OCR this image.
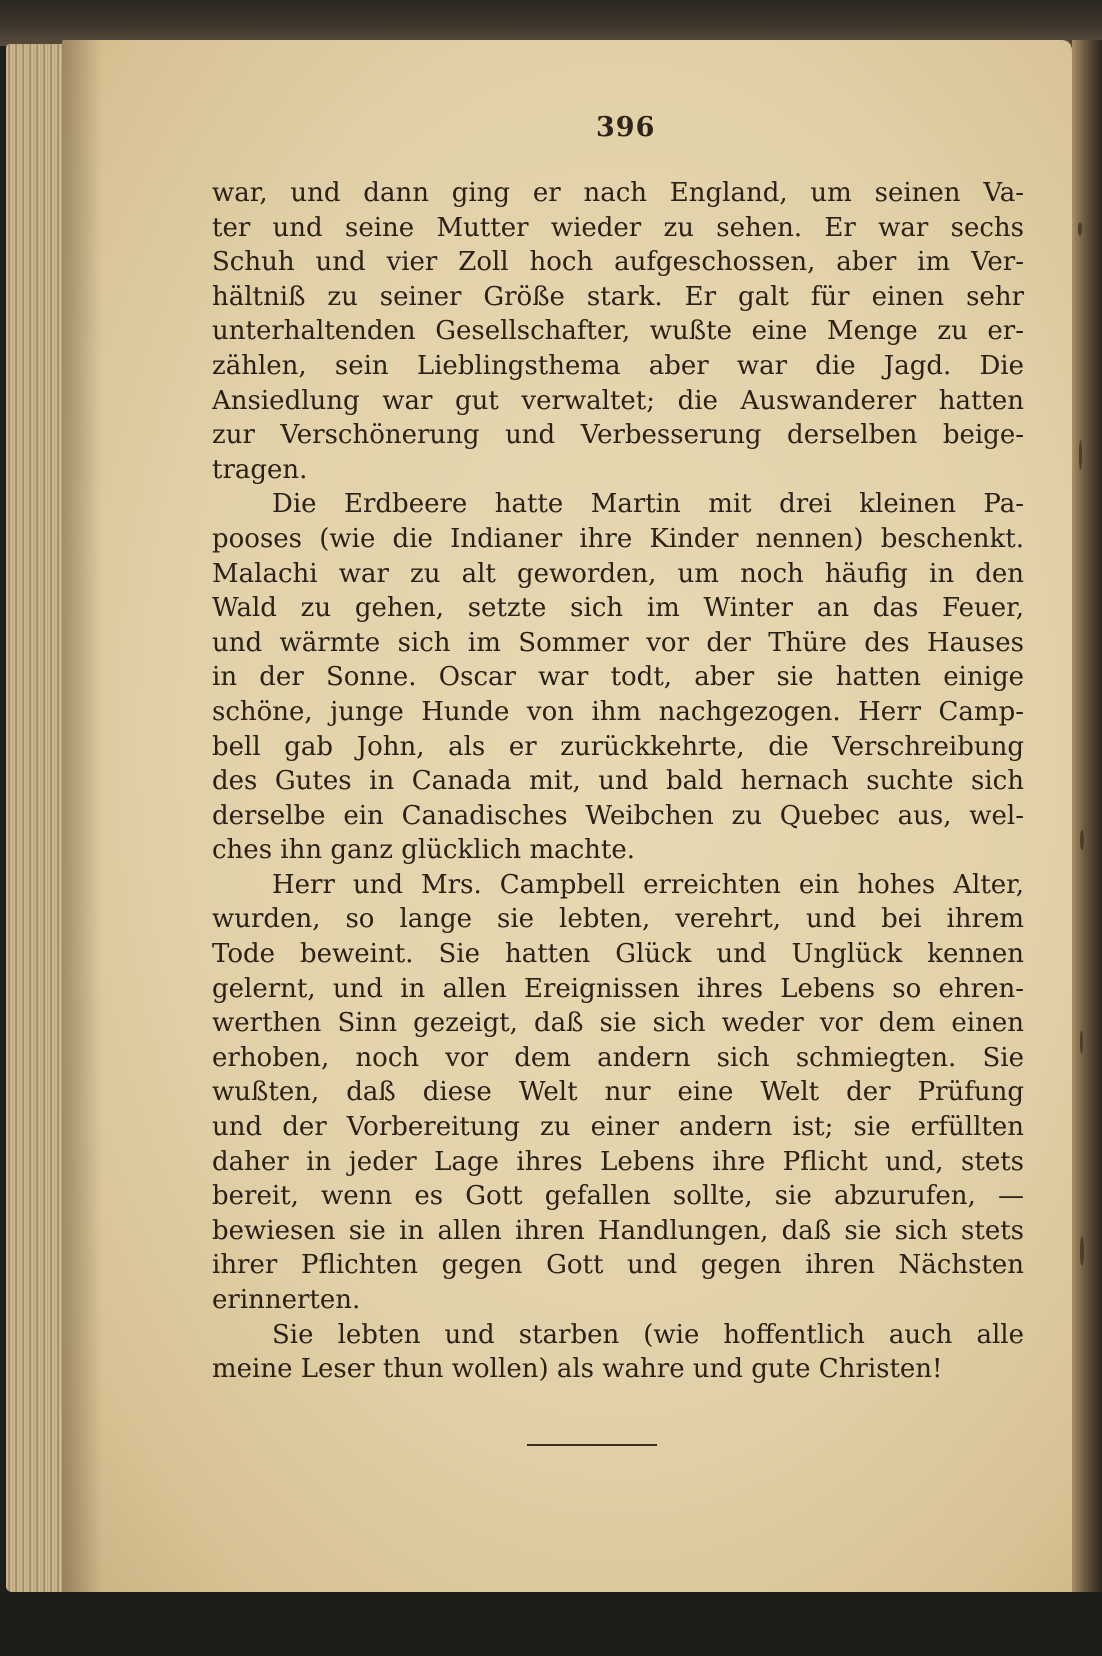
396
war, und dann ging er nach England, um seinen Va-
ter und seine Mutter wieder zu sehen. Er war sechs
Schuh und vier Zoll hoch aufgeschossen, aber im Ver-
hältniß zu seiner Größe stark. Er galt für einen sehr
unterhaltenden Gesellschafter, wußte eine Menge zu er-
zählen, sein Lieblingsthema aber war die Jagd. Die
Ansiedlung war gut verwaltet; die Auswanderer hatten
zur Verschönerung und Verbesserung derselben beige-
tragen.
Die Erdbeere hatte Martin mit drei kleinen Pa-
pooses (wie die Indianer ihre Kinder nennen) beschenkt.
Malachi war zu alt geworden, um noch häufig in den
Wald zu gehen, setzte sich im Winter an das Feuer,
und wärmte sich im Sommer vor der Thüre des Hauses
in der Sonne. Oscar war todt, aber sie hatten einige
schöne, junge Hunde von ihm nachgezogen. Herr Camp-
bell gab John, als er zurückkehrte, die Verschreibung
des Gutes in Canada mit, und bald hernach suchte sich
derselbe ein Canadisches Weibchen zu Quebec aus, wel-
ches ihn ganz glücklich machte.
Herr und Mrs. Campbell erreichten ein hohes Alter,
wurden, so lange sie lebten, verehrt, und bei ihrem
Tode beweint. Sie hatten Glück und Unglück kennen
gelernt, und in allen Ereignissen ihres Lebens so ehren-
werthen Sinn gezeigt, daß sie sich weder vor dem einen
erhoben, noch vor dem andern sich schmiegten. Sie
wußten, daß diese Welt nur eine Welt der Prüfung
und der Vorbereitung zu einer andern ist; sie erfüllten
daher in jeder Lage ihres Lebens ihre Pflicht und, stets
bereit, wenn es Gott gefallen sollte, sie abzurufen, —
bewiesen sie in allen ihren Handlungen, daß sie sich stets
ihrer Pflichten gegen Gott und gegen ihren Nächsten
erinnerten.
Sie lebten und starben (wie hoffentlich auch alle
meine Leser thun wollen) als wahre und gute Christen!
